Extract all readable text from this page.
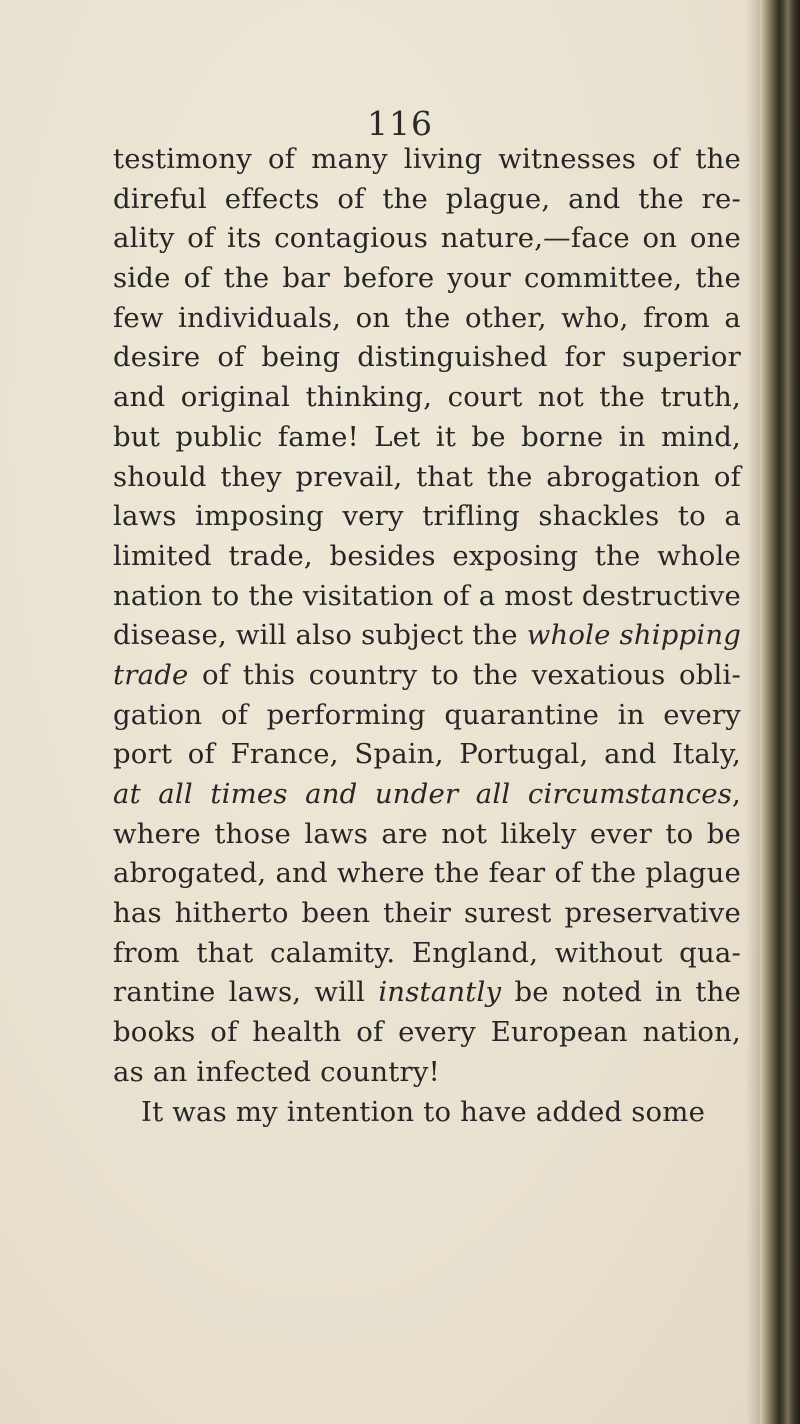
116
testimony of many living witnesses of the
direful effects of the plague, and the re-
ality of its contagious nature,—face on one
side of the bar before your committee, the
few individuals, on the other, who, from a
desire of being distinguished for superior
and original thinking, court not the truth,
but public fame! Let it be borne in mind,
should they prevail, that the abrogation of
laws imposing very trifling shackles to a
limited trade, besides exposing the whole
nation to the visitation of a most destructive
disease, will also subject the whole shipping
trade of this country to the vexatious obli-
gation of performing quarantine in every
port of France, Spain, Portugal, and Italy,
at all times and under all circumstances,
where those laws are not likely ever to be
abrogated, and where the fear of the plague
has hitherto been their surest preservative
from that calamity. England, without qua-
rantine laws, will instantly be noted in the
books of health of every European nation,
as an infected country!
It was my intention to have added some
